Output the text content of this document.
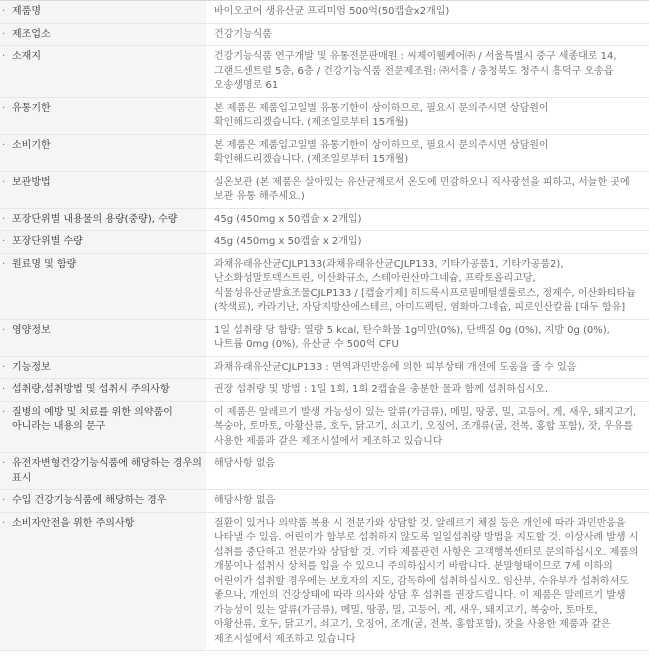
· 제품명	바이오코어 생유산균 프리미엄 500억(50캡슐x2개입)
· 제조업소	건강기능식품
· 소재지	건강기능식품 연구개발 및 유통전문판매원 : 씨제이웰케어㈜ / 서울특별시 중구 세종대로 14, 그랜드센트럴 5층, 6층 / 건강기능식품 전문제조원: ㈜서흥 / 충청북도 청주시 흥덕구 오송읍 오송생명로 61
· 유통기한	본 제품은 제품입고일별 유통기한이 상이하므로, 필요시 문의주시면 상담원이 확인해드리겠습니다. (제조일로부터 15개월)
· 소비기한	본 제품은 제품입고일별 유통기한이 상이하므로, 필요시 문의주시면 상담원이 확인해드리겠습니다. (제조일로부터 15개월)
· 보관방법	실온보관 (본 제품은 살아있는 유산균제로서 온도에 민감하오니 직사광선을 피하고, 서늘한 곳에 보관 유통 해주세요.)
· 포장단위별 내용물의 용량(중량), 수량	45g (450mg x 50캡슐 x 2개입)
· 포장단위별 수량	45g (450mg x 50캡슐 x 2개입)
· 원료명 및 함량	과채유래유산균CJLP133(과채유래유산균CJLP133, 기타가공품1, 기타가공품2), 난소화성말토덱스트린, 이산화규소, 스테아린산마그네슘, 프락토올리고당, 식물성유산균발효조물CJLP133 / [캡슐기제] 히드록시프로필메틸셀룰로스, 정제수, 이산화티타늄(착색료), 카라기난, 자당지방산에스테르, 아미드펙틴, 염화마그네슘, 피로인산칼륨 [대두 함유]
· 영양정보	1일 섭취량 당 함량: 열량 5 kcal, 탄수화물 1g미만(0%), 단백질 0g (0%), 지방 0g (0%), 나트륨 0mg (0%), 유산균 수 500억 CFU
· 기능정보	과채유래유산균CJLP133 : 면역과민반응에 의한 피부상태 개선에 도움을 줄 수 있음
· 섭취량,섭취방법 및 섭취시 주의사항	권장 섭취량 및 방법 : 1일 1회, 1회 2캡슐을 충분한 물과 함께 섭취하십시오.
· 질병의 예방 및 치료를 위한 의약품이 아니라는 내용의 문구	이 제품은 알레르기 발생 가능성이 있는 알류(가금류), 메밀, 땅콩, 밀, 고등어, 게, 새우, 돼지고기, 복숭아, 토마토, 아황산류, 호두, 닭고기, 쇠고기, 오징어, 조개류(굴, 전복, 홍합 포함), 잣, 우유를 사용한 제품과 같은 제조시설에서 제조하고 있습니다
· 유전자변형건강기능식품에 해당하는 경우의 표시	해당사항 없음
· 수입 건강기능식품에 해당하는 경우	해당사항 없음
· 소비자안전을 위한 주의사항	질환이 있거나 의약품 복용 시 전문가와 상담할 것. 알레르기 체질 등은 개인에 따라 과민반응을 나타낼 수 있음. 어린이가 함부로 섭취하지 않도록 일일섭취량 방법을 지도할 것. 이상사례 발생 시 섭취를 중단하고 전문가와 상담할 것. 기타 제품관련 사항은 고객행복센터로 문의하십시오. 제품의 개봉이나 섭취시 상처를 입을 수 있으니 주의하십시기 바랍니다. 분말형태이므로 7세 이하의 어린이가 섭취할 경우에는 보호자의 지도, 감독하에 섭취하십시오. 임산부, 수유부가 섭취하셔도 좋으나, 개인의 건강상태에 따라 의사와 상담 후 섭취를 권장드립니다. 이 제품은 알레르기 발생 가능성이 있는 알류(가금류), 메밀, 땅콩, 밀, 고등어, 게, 새우, 돼지고기, 복숭아, 토마토, 아황산류, 호두, 닭고기, 쇠고기, 오징어, 조개(굴, 전복, 홍합포함), 잣을 사용한 제품과 같은 제조시설에서 제조하고 있습니다
